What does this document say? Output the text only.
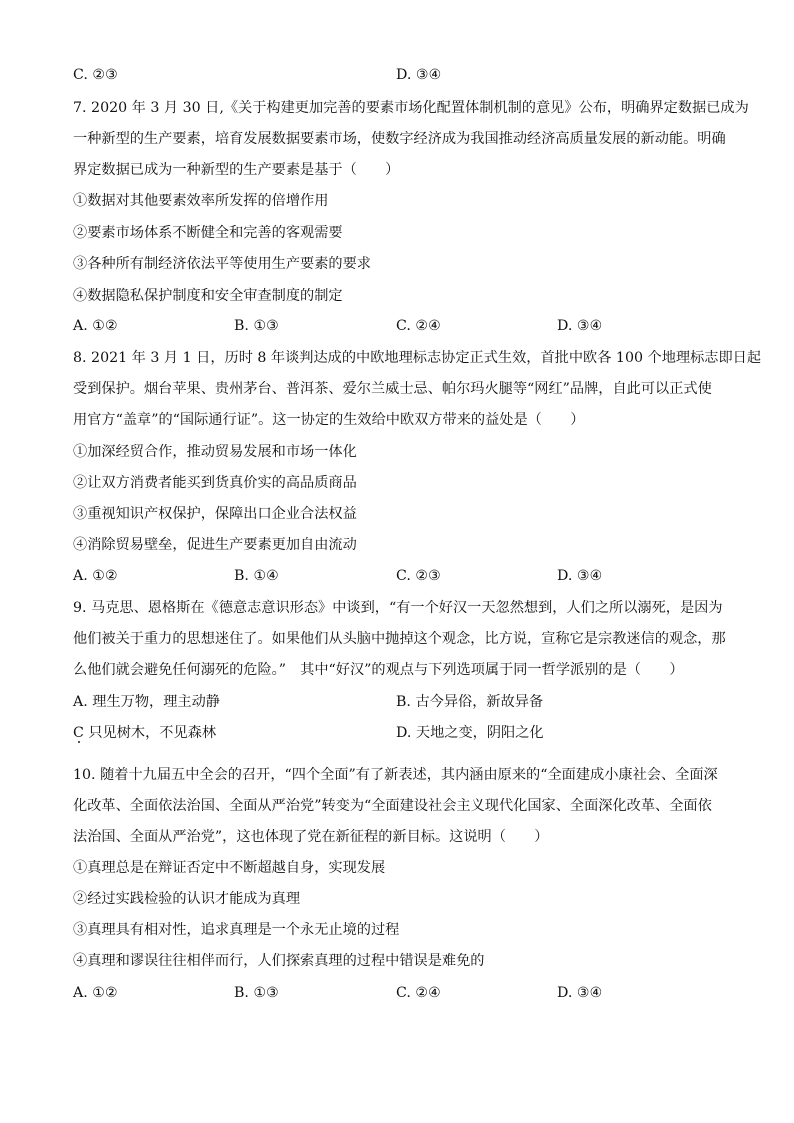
C. ②③	D. ③④
7. 2020 年 3 月 30 日,《关于构建更加完善的要素市场化配置体制机制的意见》公布，明确界定数据已成为
一种新型的生产要素，培育发展数据要素市场，使数字经济成为我国推动经济高质量发展的新动能。明确
界定数据已成为一种新型的生产要素是基于（　　）
①数据对其他要素效率所发挥的倍增作用
②要素市场体系不断健全和完善的客观需要
③各种所有制经济依法平等使用生产要素的要求
④数据隐私保护制度和安全审查制度的制定
A. ①②	B. ①③	C. ②④	D. ③④
8. 2021 年 3 月 1 日，历时 8 年谈判达成的中欧地理标志协定正式生效，首批中欧各 100 个地理标志即日起
受到保护。烟台苹果、贵州茅台、普洱茶、爱尔兰威士忌、帕尔玛火腿等“网红”品牌，自此可以正式使
用官方“盖章”的“国际通行证”。这一协定的生效给中欧双方带来的益处是（　　）
①加深经贸合作，推动贸易发展和市场一体化
②让双方消费者能买到货真价实的高品质商品
③重视知识产权保护，保障出口企业合法权益
④消除贸易壁垒，促进生产要素更加自由流动
A. ①②	B. ①④	C. ②③	D. ③④
9. 马克思、恩格斯在《德意志意识形态》中谈到，“有一个好汉一天忽然想到，人们之所以溺死，是因为
他们被关于重力的思想迷住了。如果他们从头脑中抛掉这个观念，比方说，宣称它是宗教迷信的观念，那
么他们就会避免任何溺死的危险。”　其中“好汉”的观点与下列选项属于同一哲学派别的是（　　）
A. 理生万物，理主动静	B. 古今异俗，新故异备
C 只见树木，不见森林	D. 天地之变，阴阳之化
10. 随着十九届五中全会的召开，“四个全面”有了新表述，其内涵由原来的“全面建成小康社会、全面深
化改革、全面依法治国、全面从严治党”转变为“全面建设社会主义现代化国家、全面深化改革、全面依
法治国、全面从严治党”，这也体现了党在新征程的新目标。这说明（　　）
①真理总是在辩证否定中不断超越自身，实现发展
②经过实践检验的认识才能成为真理
③真理具有相对性，追求真理是一个永无止境的过程
④真理和谬误往往相伴而行，人们探索真理的过程中错误是难免的
A. ①②	B. ①③	C. ②④	D. ③④
